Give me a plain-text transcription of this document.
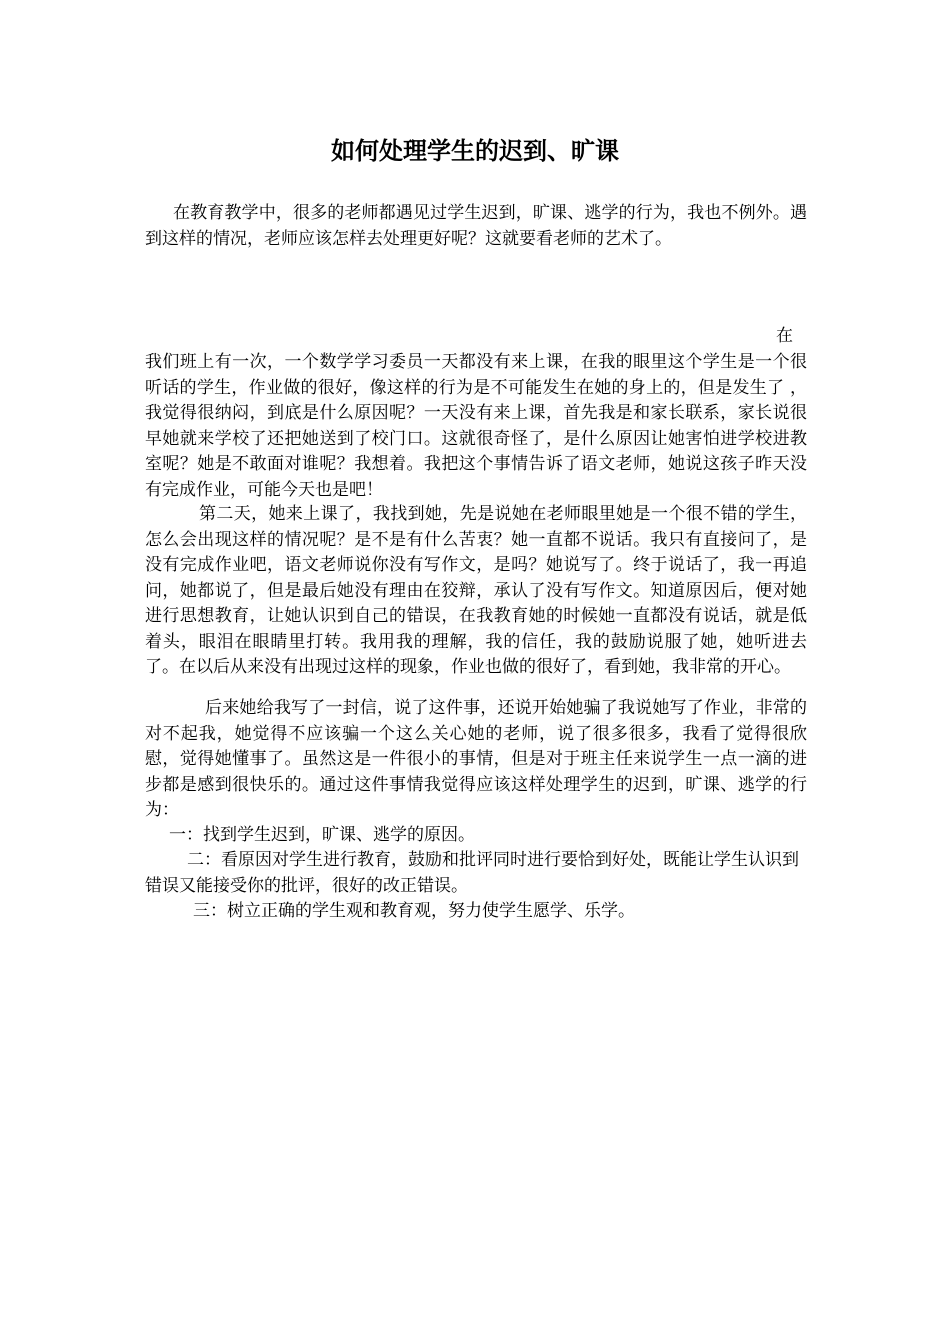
如何处理学生的迟到、旷课

在教育教学中，很多的老师都遇见过学生迟到，旷课、逃学的行为，我也不例外。遇到这样的情况，老师应该怎样去处理更好呢？这就要看老师的艺术了。

在

我们班上有一次，一个数学学习委员一天都没有来上课，在我的眼里这个学生是一个很听话的学生，作业做的很好，像这样的行为是不可能发生在她的身上的，但是发生了 ，我觉得很纳闷，到底是什么原因呢？一天没有来上课，首先我是和家长联系，家长说很早她就来学校了还把她送到了校门口。这就很奇怪了，是什么原因让她害怕进学校进教室呢？她是不敢面对谁呢？我想着。我把这个事情告诉了语文老师，她说这孩子昨天没有完成作业，可能今天也是吧！

第二天，她来上课了，我找到她，先是说她在老师眼里她是一个很不错的学生，怎么会出现这样的情况呢？是不是有什么苦衷？她一直都不说话。我只有直接问了，是没有完成作业吧，语文老师说你没有写作文，是吗？她说写了。终于说话了，我一再追问，她都说了，但是最后她没有理由在狡辩，承认了没有写作文。知道原因后，便对她进行思想教育，让她认识到自己的错误，在我教育她的时候她一直都没有说话，就是低着头，眼泪在眼睛里打转。我用我的理解，我的信任，我的鼓励说服了她，她听进去了。在以后从来没有出现过这样的现象，作业也做的很好了，看到她，我非常的开心。

后来她给我写了一封信，说了这件事，还说开始她骗了我说她写了作业，非常的对不起我，她觉得不应该骗一个这么关心她的老师，说了很多很多，我看了觉得很欣慰，觉得她懂事了。虽然这是一件很小的事情，但是对于班主任来说学生一点一滴的进步都是感到很快乐的。通过这件事情我觉得应该这样处理学生的迟到，旷课、逃学的行为：

一：找到学生迟到，旷课、逃学的原因。

二：看原因对学生进行教育，鼓励和批评同时进行要恰到好处，既能让学生认识到错误又能接受你的批评，很好的改正错误。

三：树立正确的学生观和教育观，努力使学生愿学、乐学。
